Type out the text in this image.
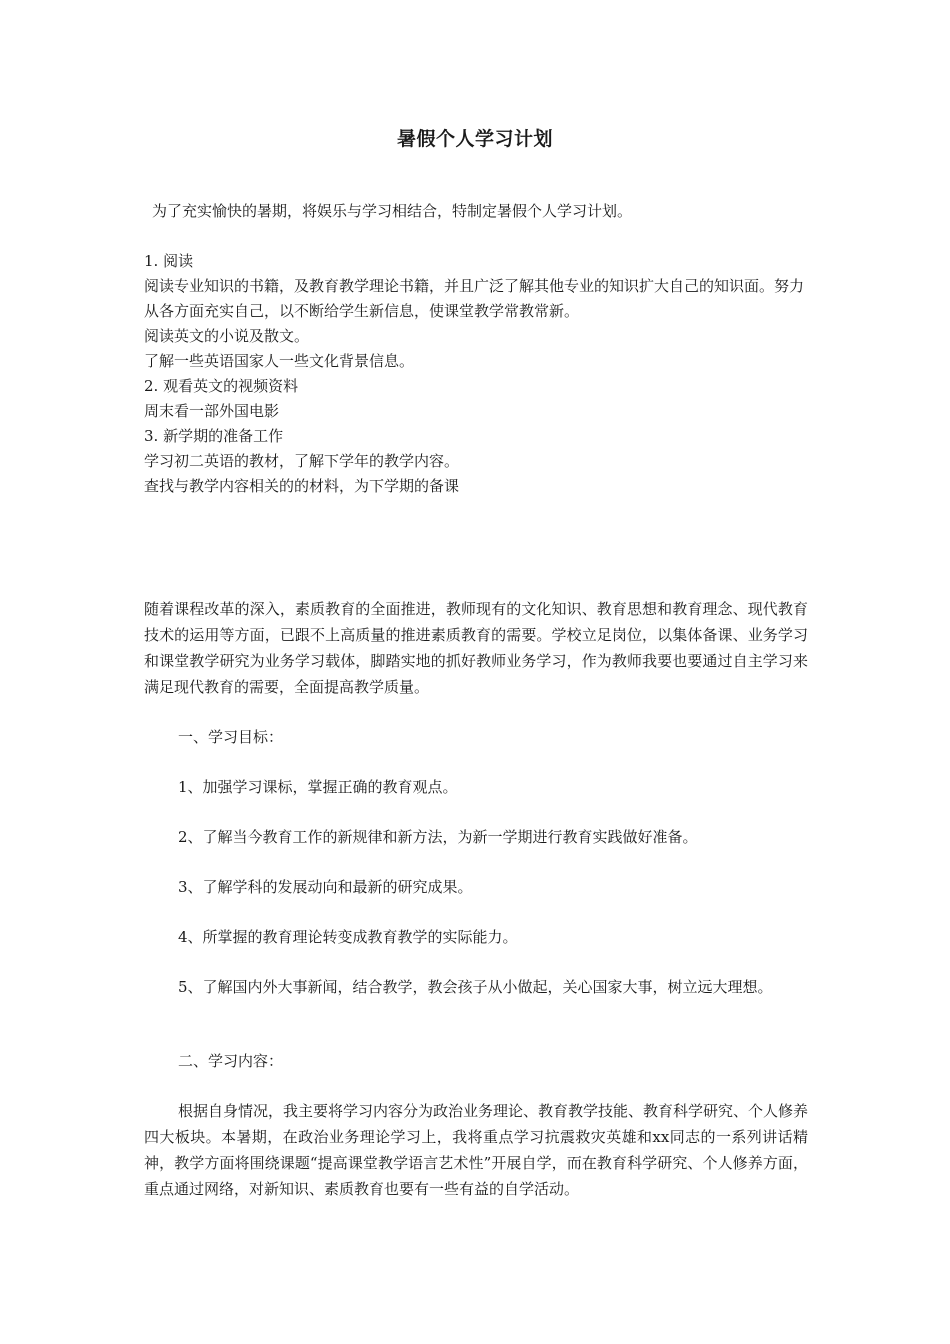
暑假个人学习计划

为了充实愉快的暑期，将娱乐与学习相结合，特制定暑假个人学习计划。

1. 阅读

阅读专业知识的书籍，及教育教学理论书籍，并且广泛了解其他专业的知识扩大自己的知识面。努力从各方面充实自己，以不断给学生新信息，使课堂教学常教常新。

阅读英文的小说及散文。

了解一些英语国家人一些文化背景信息。

2. 观看英文的视频资料

周末看一部外国电影

3. 新学期的准备工作

学习初二英语的教材，了解下学年的教学内容。

查找与教学内容相关的的材料，为下学期的备课

随着课程改革的深入，素质教育的全面推进，教师现有的文化知识、教育思想和教育理念、现代教育技术的运用等方面，已跟不上高质量的推进素质教育的需要。学校立足岗位，以集体备课、业务学习和课堂教学研究为业务学习载体，脚踏实地的抓好教师业务学习，作为教师我要也要通过自主学习来满足现代教育的需要，全面提高教学质量。

一、学习目标：

1、加强学习课标，掌握正确的教育观点。

2、了解当今教育工作的新规律和新方法，为新一学期进行教育实践做好准备。

3、了解学科的发展动向和最新的研究成果。

4、所掌握的教育理论转变成教育教学的实际能力。

5、了解国内外大事新闻，结合教学，教会孩子从小做起，关心国家大事，树立远大理想。

二、学习内容：

根据自身情况，我主要将学习内容分为政治业务理论、教育教学技能、教育科学研究、个人修养四大板块。本暑期，在政治业务理论学习上，我将重点学习抗震救灾英雄和xx同志的一系列讲话精神，教学方面将围绕课题“提高课堂教学语言艺术性”开展自学，而在教育科学研究、个人修养方面，重点通过网络，对新知识、素质教育也要有一些有益的自学活动。
